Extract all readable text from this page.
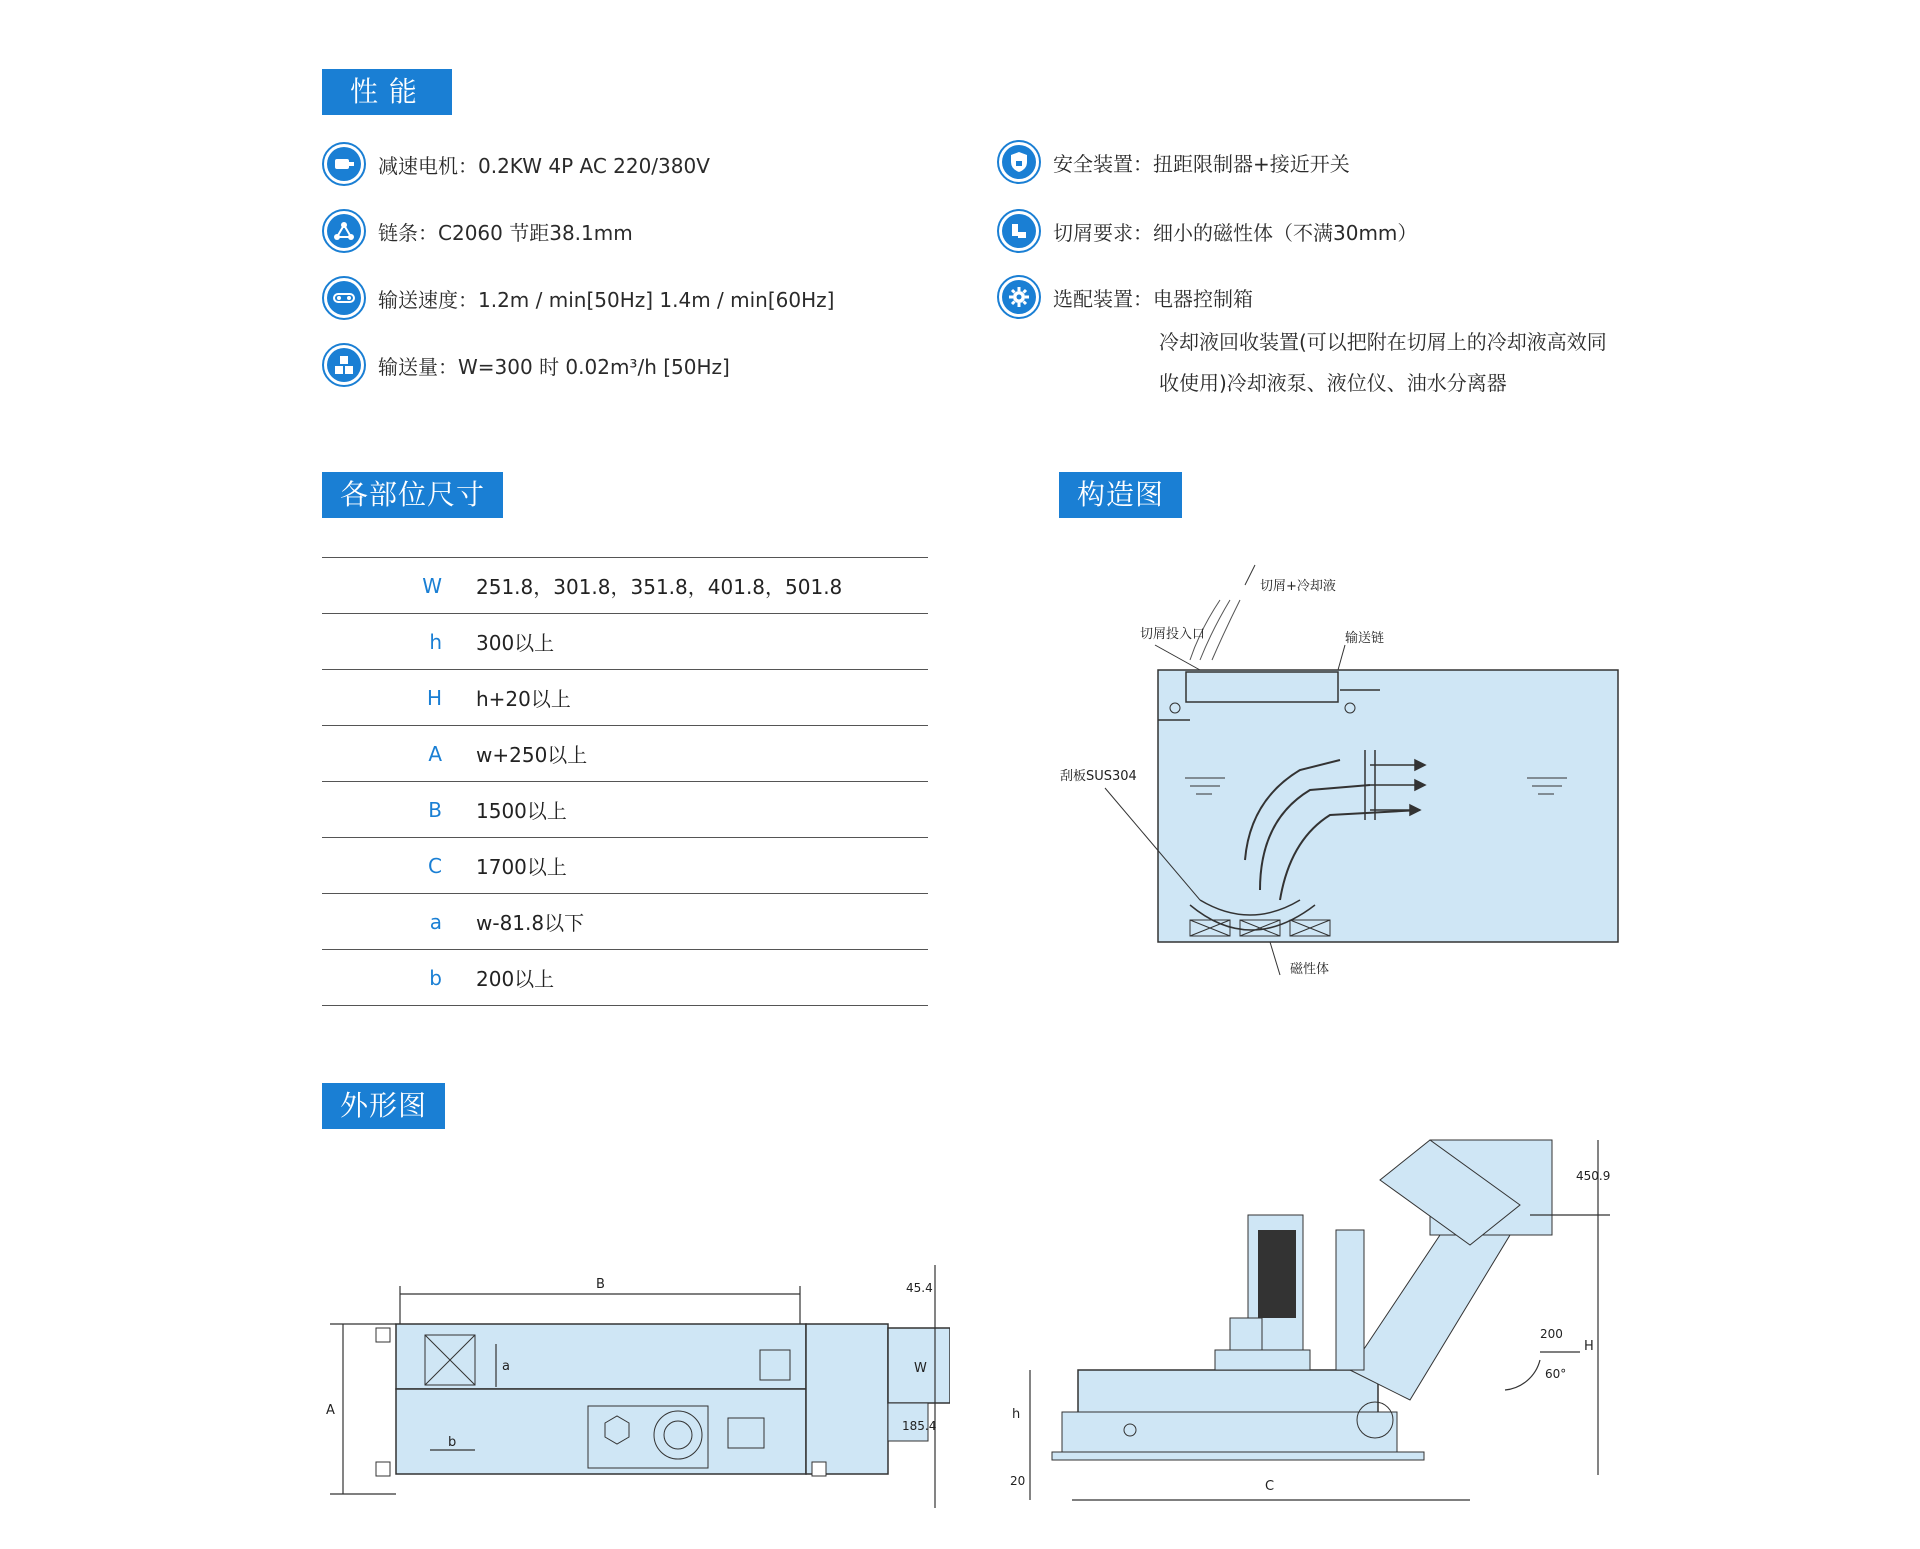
性 能
各部位尺寸	构造图
外形图
减速电机：0.2KW 4P AC 220/380V
链条：C2060 节距38.1mm
输送速度：1.2m / min[50Hz] 1.4m / min[60Hz]
输送量：W=300 时 0.02m³/h [50Hz]
安全装置：扭距限制器+接近开关
切屑要求：细小的磁性体（不满30mm）
选配装置：电器控制箱
冷却液回收装置(可以把附在切屑上的冷却液高效同
收使用)冷却液泵、液位仪、油水分离器
W	251.8，301.8，351.8，401.8，501.8
h	300以上
H	h+20以上
A	w+250以上
B	1500以上
C	1700以上
a	w-81.8以下
b	200以上
切屑+冷却液
切屑投入口	输送链
刮板SUS304
磁性体
B
A
a
b
W
45.4
185.4
h
20	C
H
450.9
200
60°
